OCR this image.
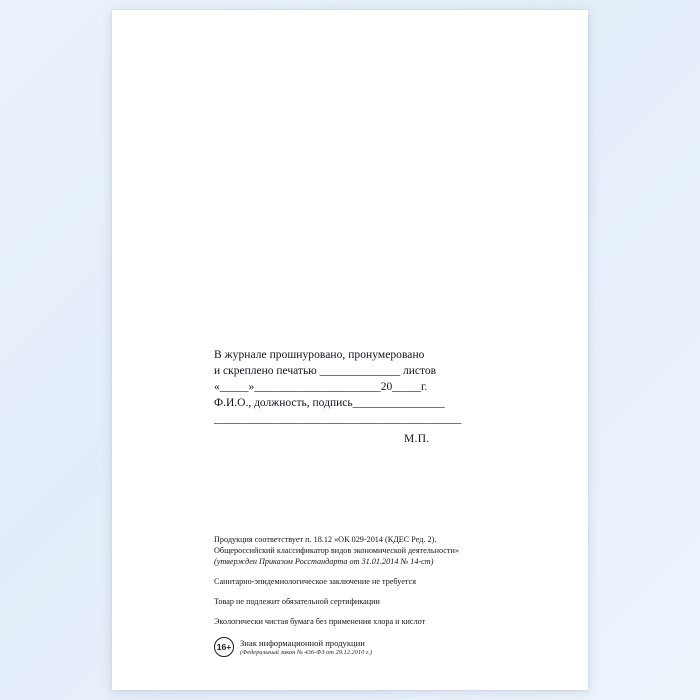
В журнале прошнуровано, пронумеровано
и скреплено печатью ______________ листов
«_____»______________________20_____г.
Ф.И.О., должность, подпись________________
___________________________________________
М.П.

Продукция соответствует п. 18.12 «ОК 029-2014 (КДЕС Ред. 2).

Общероссийский классификатор видов экономической деятельности»

(утвержден Приказом Росстандарта от 31.01.2014 № 14-ст)

Санитарно-эпидемиологическое заключение не требуется

Товар не подлежит обязательной сертификации

Экологически чистая бумага без применения хлора и кислот

16+	Знак информационной продукции
(Федеральный закон № 436-ФЗ от 29.12.2010 г.)
